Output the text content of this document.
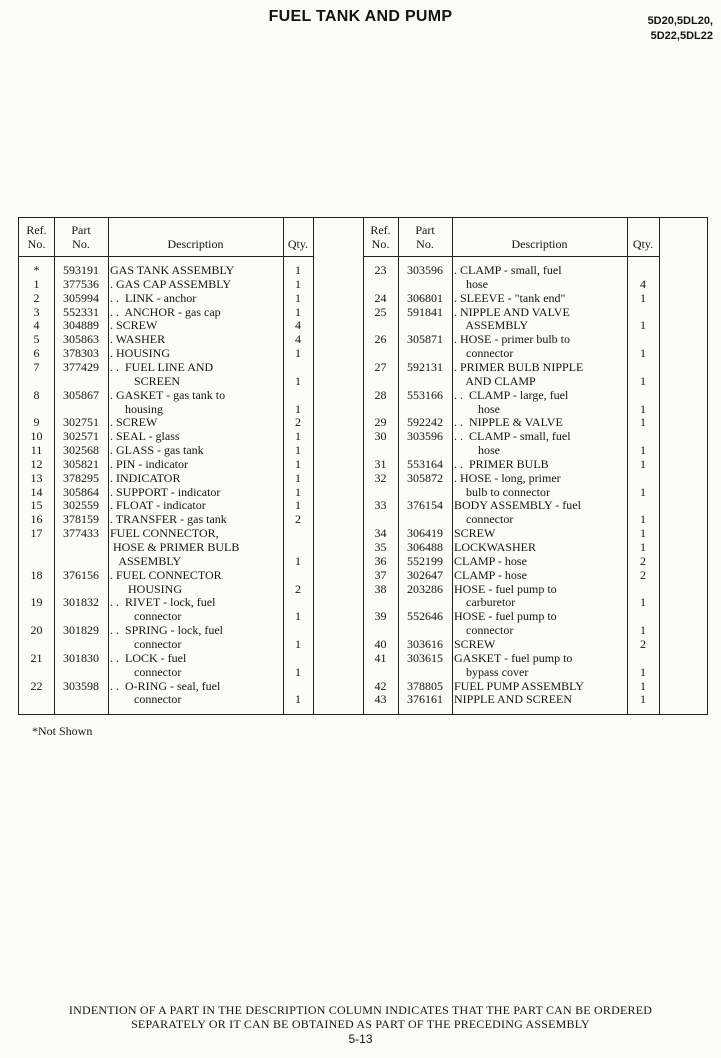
FUEL TANK AND PUMP	5D20,5DL20,
5D22,5DL22
Ref.
No.
Part
No.	Description	Qty.
Ref.
No.
Part
No.	Description	Qty.
*	593191 GAS TANK ASSEMBLY	1
1	377536 . GAS CAP ASSEMBLY	1
2	305994 . .  LINK - anchor	1
3	552331 . .  ANCHOR - gas cap	1
4	304889 . SCREW	4
5	305863 . WASHER	4
6	378303 . HOUSING	1
7	377429 . .  FUEL LINE AND
SCREEN	1
8	305867 . GASKET - gas tank to
housing	1
9	302751 . SCREW	2
10	302571 . SEAL - glass	1
11	302568 . GLASS - gas tank	1
12	305821 . PIN - indicator	1
13	378295 . INDICATOR	1
14	305864 . SUPPORT - indicator	1
15	302559 . FLOAT - indicator	1
16	378159 . TRANSFER - gas tank	2
17	377433 FUEL CONNECTOR,
HOSE & PRIMER BULB
ASSEMBLY	1
18	376156 . FUEL CONNECTOR
HOUSING	2
19	301832 . .  RIVET - lock, fuel
connector	1
20	301829 . .  SPRING - lock, fuel
connector	1
21	301830 . .  LOCK - fuel
connector	1
22	303598 . .  O-RING - seal, fuel
connector	1
23	303596 . CLAMP - small, fuel
hose	4
24	306801 . SLEEVE - "tank end"	1
25	591841 . NIPPLE AND VALVE
ASSEMBLY	1
26	305871 . HOSE - primer bulb to
connector	1
27	592131 . PRIMER BULB NIPPLE
AND CLAMP	1
28	553166 . .  CLAMP - large, fuel
hose	1
29	592242 . .  NIPPLE & VALVE	1
30	303596 . .  CLAMP - small, fuel
hose	1
31	553164 . .  PRIMER BULB	1
32	305872 . HOSE - long, primer
bulb to connector	1
33	376154 BODY ASSEMBLY - fuel
connector	1
34	306419 SCREW	1
35	306488 LOCKWASHER	1
36	552199 CLAMP - hose	2
37	302647 CLAMP - hose	2
38	203286 HOSE - fuel pump to
carburetor	1
39	552646 HOSE - fuel pump to
connector	1
40	303616 SCREW	2
41	303615 GASKET - fuel pump to
bypass cover	1
42	378805 FUEL PUMP ASSEMBLY	1
43	376161 NIPPLE AND SCREEN	1
*Not Shown
INDENTION OF A PART IN THE DESCRIPTION COLUMN INDICATES THAT THE PART CAN BE ORDERED
SEPARATELY OR IT CAN BE OBTAINED AS PART OF THE PRECEDING ASSEMBLY
5-13
